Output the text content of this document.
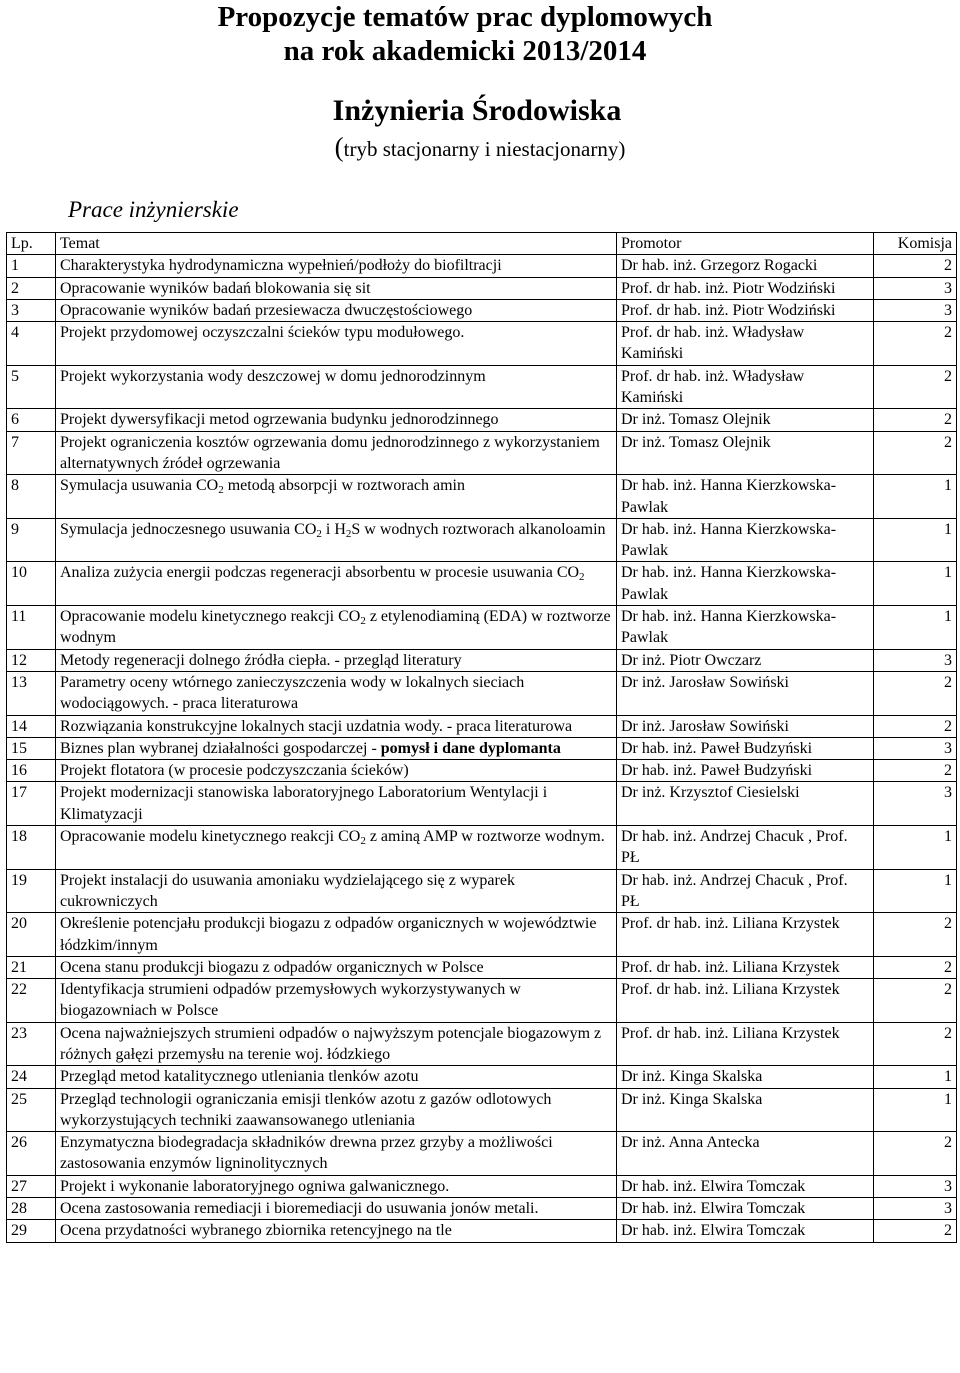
Propozycje tematów prac dyplomowych
na rok akademicki 2013/2014
Inżynieria Środowiska
(tryb stacjonarny i niestacjonarny)
Prace inżynierskie
Lp.	Temat	Promotor	Komisja
1	Charakterystyka hydrodynamiczna wypełnień/podłoży do biofiltracji	Dr hab. inż. Grzegorz Rogacki	2
2	Opracowanie wyników badań blokowania się sit	Prof. dr hab. inż. Piotr Wodziński	3
3	Opracowanie wyników badań przesiewacza dwuczęstościowego	Prof. dr hab. inż. Piotr Wodziński	3
4	Projekt przydomowej oczyszczalni ścieków typu modułowego.	Prof. dr hab. inż. Władysław Kamiński	2
5	Projekt wykorzystania wody deszczowej w domu jednorodzinnym	Prof. dr hab. inż. Władysław Kamiński	2
6	Projekt dywersyfikacji metod ogrzewania budynku jednorodzinnego	Dr inż. Tomasz Olejnik	2
7	Projekt ograniczenia kosztów ogrzewania domu jednorodzinnego z wykorzystaniem alternatywnych źródeł ogrzewania	Dr inż. Tomasz Olejnik	2
8	Symulacja usuwania $CO_2$ metodą absorpcji w roztworach amin	Dr hab. inż. Hanna Kierzkowska-Pawlak	1
9	Symulacja jednoczesnego usuwania $CO_2$ i $H_2S$ w wodnych roztworach alkanoloamin	Dr hab. inż. Hanna Kierzkowska-Pawlak	1
10	Analiza zużycia energii podczas regeneracji absorbentu w procesie usuwania $CO_2$	Dr hab. inż. Hanna Kierzkowska-Pawlak	1
11	Opracowanie modelu kinetycznego reakcji $CO_2$ z etylenodiaminą (EDA) w roztworze wodnym	Dr hab. inż. Hanna Kierzkowska-Pawlak	1
12	Metody regeneracji dolnego źródła ciepła. - przegląd literatury	Dr inż. Piotr Owczarz	3
13	Parametry oceny wtórnego zanieczyszczenia wody w lokalnych sieciach wodociągowych. - praca literaturowa	Dr inż. Jarosław Sowiński	2
14	Rozwiązania konstrukcyjne lokalnych stacji uzdatnia wody. - praca literaturowa	Dr inż. Jarosław Sowiński	2
15	Biznes plan wybranej działalności gospodarczej - pomysł i dane dyplomanta	Dr hab. inż. Paweł Budzyński	3
16	Projekt flotatora (w procesie podczyszczania ścieków)	Dr hab. inż. Paweł Budzyński	2
17	Projekt modernizacji stanowiska laboratoryjnego Laboratorium Wentylacji i Klimatyzacji	Dr inż. Krzysztof Ciesielski	3
18	Opracowanie modelu kinetycznego reakcji $CO_2$ z aminą AMP w roztworze wodnym.	Dr hab. inż. Andrzej Chacuk , Prof. PŁ	1
19	Projekt instalacji do usuwania amoniaku wydzielającego się z wyparek cukrowniczych	Dr hab. inż. Andrzej Chacuk , Prof. PŁ	1
20	Określenie potencjału produkcji biogazu z odpadów organicznych w województwie łódzkim/innym	Prof. dr hab. inż. Liliana Krzystek	2
21	Ocena stanu produkcji biogazu z odpadów organicznych w Polsce	Prof. dr hab. inż. Liliana Krzystek	2
22	Identyfikacja strumieni odpadów przemysłowych wykorzystywanych w biogazowniach w Polsce	Prof. dr hab. inż. Liliana Krzystek	2
23	Ocena najważniejszych strumieni odpadów o najwyższym potencjale biogazowym z różnych gałęzi przemysłu na terenie woj. łódzkiego	Prof. dr hab. inż. Liliana Krzystek	2
24	Przegląd metod katalitycznego utleniania tlenków azotu	Dr inż. Kinga Skalska	1
25	Przegląd technologii ograniczania emisji tlenków azotu z gazów odlotowych wykorzystujących techniki zaawansowanego utleniania	Dr inż. Kinga Skalska	1
26	Enzymatyczna biodegradacja składników drewna przez grzyby a możliwości zastosowania enzymów ligninolitycznych	Dr inż. Anna Antecka	2
27	Projekt i wykonanie laboratoryjnego ogniwa galwanicznego.	Dr hab. inż. Elwira Tomczak	3
28	Ocena zastosowania remediacji i bioremediacji do usuwania jonów metali.	Dr hab. inż. Elwira Tomczak	3
29	Ocena przydatności wybranego zbiornika retencyjnego na tle	Dr hab. inż. Elwira Tomczak	2
